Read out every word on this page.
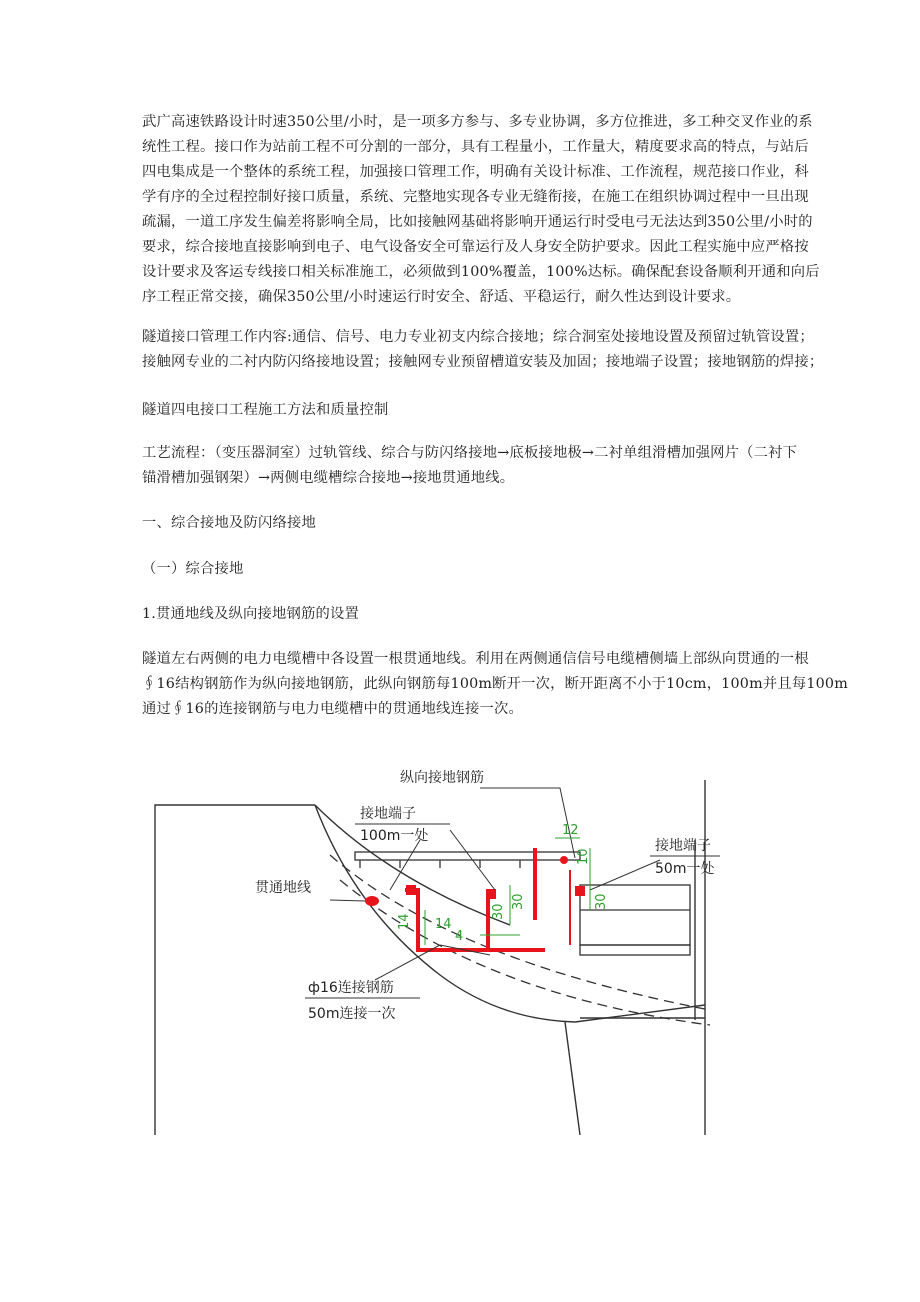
武广高速铁路设计时速350公里/小时，是一项多方参与、多专业协调，多方位推进，多工种交叉作业的系
统性工程。接口作为站前工程不可分割的一部分，具有工程量小，工作量大，精度要求高的特点，与站后
四电集成是一个整体的系统工程，加强接口管理工作，明确有关设计标准、工作流程，规范接口作业，科
学有序的全过程控制好接口质量，系统、完整地实现各专业无缝衔接，在施工在组织协调过程中一旦出现
疏漏，一道工序发生偏差将影响全局，比如接触网基础将影响开通运行时受电弓无法达到350公里/小时的
要求，综合接地直接影响到电子、电气设备安全可靠运行及人身安全防护要求。因此工程实施中应严格按
设计要求及客运专线接口相关标准施工，必须做到100%覆盖，100%达标。确保配套设备顺利开通和向后
序工程正常交接，确保350公里/小时速运行时安全、舒适、平稳运行，耐久性达到设计要求。

隧道接口管理工作内容:通信、信号、电力专业初支内综合接地；综合洞室处接地设置及预留过轨管设置；
接触网专业的二衬内防闪络接地设置；接触网专业预留槽道安装及加固；接地端子设置；接地钢筋的焊接；

隧道四电接口工程施工方法和质量控制

工艺流程：（变压器洞室）过轨管线、综合与防闪络接地→底板接地极→二衬单组滑槽加强网片（二衬下
锚滑槽加强钢架）→两侧电缆槽综合接地→接地贯通地线。

一、综合接地及防闪络接地

（一）综合接地

1.贯通地线及纵向接地钢筋的设置

隧道左右两侧的电力电缆槽中各设置一根贯通地线。利用在两侧通信信号电缆槽侧墙上部纵向贯通的一根
∮16结构钢筋作为纵向接地钢筋，此纵向钢筋每100m断开一次，断开距离不小于10cm，100m并且每100m
通过∮16的连接钢筋与电力电缆槽中的贯通地线连接一次。

纵向接地钢筋
接地端子
100m一处
接地端子
50m一处
贯通地线
ф16连接钢筋
50m连接一次
12
10
30
30
14
4
30
14
